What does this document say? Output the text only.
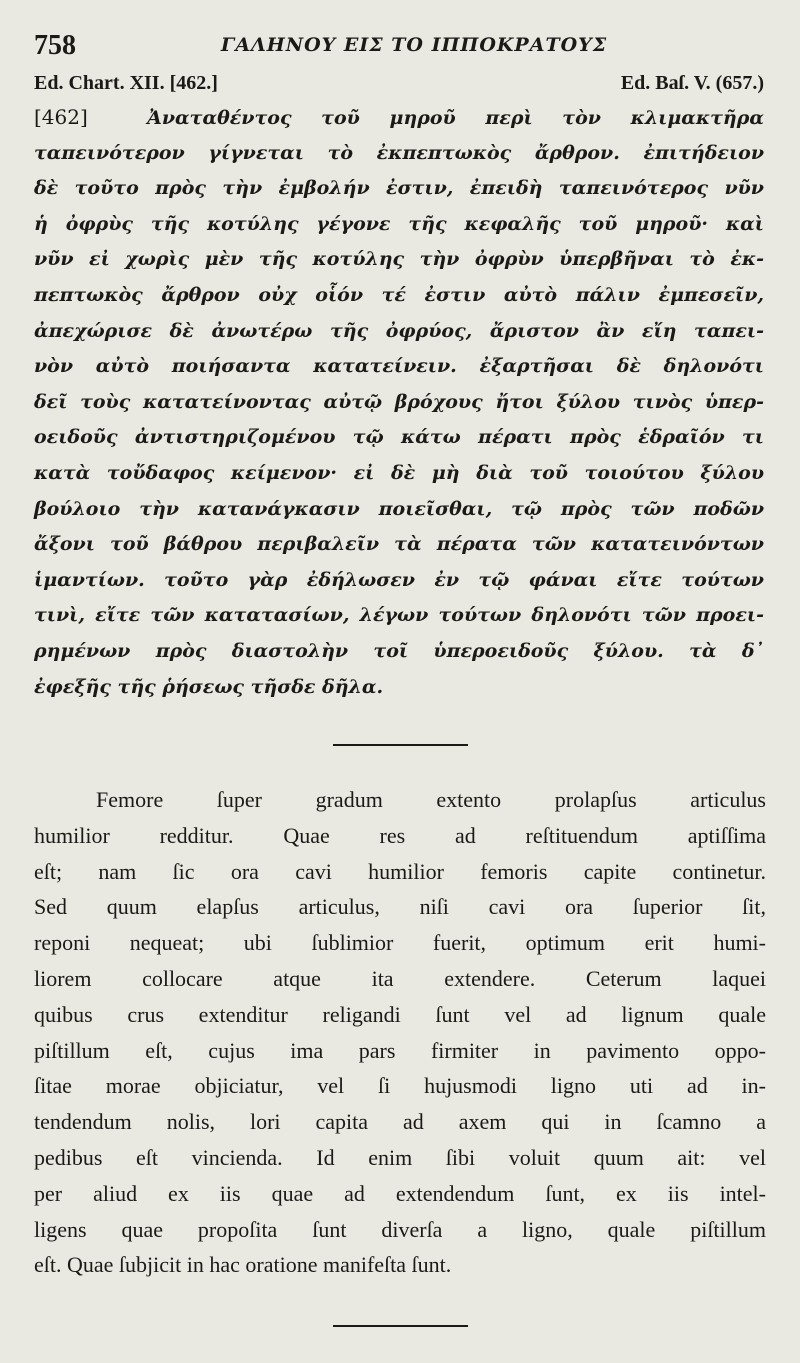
758	ΓΑΛΗΝΟΥ ΕΙΣ ΤΟ ΙΠΠΟΚΡΑΤΟΥΣ
Ed. Chart. XII. [462.]	Ed. Baſ. V. (657.)
[462]	Ἀναταθέντος τοῦ μηροῦ περὶ τὸν κλιμακτῆρα
ταπεινότερον γίγνεται τὸ ἐκπεπτωκὸς ἄρθρον. ἐπιτήδειον
δὲ τοῦτο πρὸς τὴν ἐμβολήν ἐστιν, ἐπειδὴ ταπεινότερος νῦν
ἡ ὀφρὺς τῆς κοτύλης γέγονε τῆς κεφαλῆς τοῦ μηροῦ· καὶ
νῦν εἰ χωρὶς μὲν τῆς κοτύλης τὴν ὀφρὺν ὑπερβῆναι τὸ ἐκ-
πεπτωκὸς ἄρθρον οὐχ οἷόν τέ ἐστιν αὐτὸ πάλιν ἐμπεσεῖν,
ἀπεχώρισε δὲ ἀνωτέρω τῆς ὀφρύος, ἄριστον ἂν εἴη ταπει-
νὸν αὐτὸ ποιήσαντα κατατείνειν. ἐξαρτῆσαι δὲ δηλονότι
δεῖ τοὺς κατατείνοντας αὐτῷ βρόχους ἤτοι ξύλου τινὸς ὑπερ-
οειδοῦς ἀντιστηριζομένου τῷ κάτω πέρατι πρὸς ἑδραῖόν τι
κατὰ τοὔδαφος κείμενον· εἰ δὲ μὴ διὰ τοῦ τοιούτου ξύλου
βούλοιο τὴν κατανάγκασιν ποιεῖσθαι, τῷ πρὸς τῶν ποδῶν
ἄξονι τοῦ βάθρου περιβαλεῖν τὰ πέρατα τῶν κατατεινόντων
ἱμαντίων. τοῦτο γὰρ ἐδήλωσεν ἐν τῷ φάναι εἴτε τούτων
τινὶ, εἴτε τῶν κατατασίων, λέγων τούτων δηλονότι τῶν προει-
ρημένων πρὸς διαστολὴν τοῖ ὑπεροειδοῦς ξύλου. τὰ δ᾽
ἐφεξῆς τῆς ῥήσεως τῆσδε δῆλα.
Femore ſuper gradum extento prolapſus articulus
humilior redditur. Quae res ad reſtituendum aptiſſima
eſt; nam ſic ora cavi humilior femoris capite continetur.
Sed quum elapſus articulus, niſi cavi ora ſuperior ſit,
reponi nequeat; ubi ſublimior fuerit, optimum erit humi-
liorem collocare atque ita extendere. Ceterum laquei
quibus crus extenditur religandi ſunt vel ad lignum quale
piſtillum eſt, cujus ima pars firmiter in pavimento oppo-
ſitae morae objiciatur, vel ſi hujusmodi ligno uti ad in-
tendendum nolis, lori capita ad axem qui in ſcamno a
pedibus eſt vincienda. Id enim ſibi voluit quum ait: vel
per aliud ex iis quae ad extendendum ſunt, ex iis intel-
ligens quae propoſita ſunt diverſa a ligno, quale piſtillum
eſt. Quae ſubjicit in hac oratione manifeſta ſunt.
